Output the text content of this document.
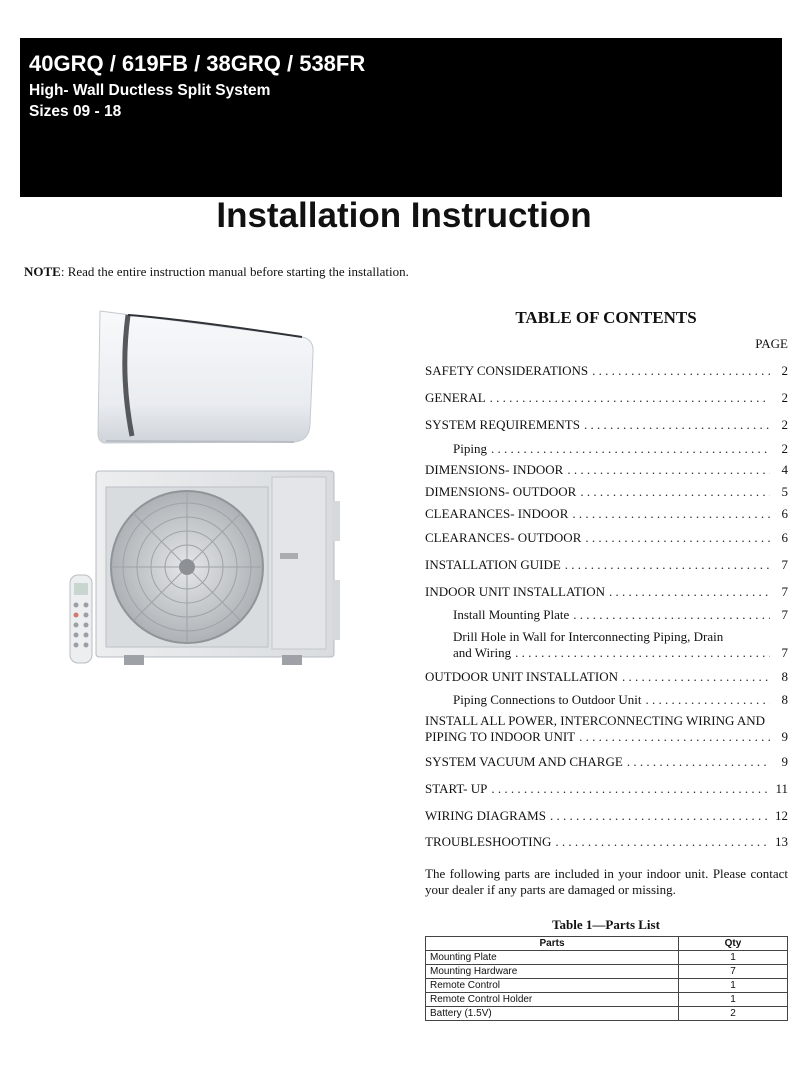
40GRQ / 619FB / 38GRQ / 538FR
High- Wall Ductless Split System
Sizes 09 - 18
Installation Instruction
NOTE: Read the entire instruction manual before starting the installation.
TABLE OF CONTENTS
PAGE
SAFETY CONSIDERATIONS . . .	2
GENERAL . . .	2
SYSTEM REQUIREMENTS . . .	2
Piping . . .	2
DIMENSIONS- INDOOR . . .	4
DIMENSIONS- OUTDOOR . . .	5
CLEARANCES- INDOOR . . .	6
CLEARANCES- OUTDOOR . . .	6
INSTALLATION GUIDE . . .	7
INDOOR UNIT INSTALLATION . . .	7
Install Mounting Plate . . .	7
Drill Hole in Wall for Interconnecting Piping, Drain
and Wiring . . .	7
OUTDOOR UNIT INSTALLATION . . .	8
Piping Connections to Outdoor Unit . . .	8
INSTALL ALL POWER, INTERCONNECTING WIRING AND
PIPING TO INDOOR UNIT . . .	9
SYSTEM VACUUM AND CHARGE . . .	9
START- UP . . .	11
WIRING DIAGRAMS . . .	12
TROUBLESHOOTING . . .	13
The following parts are included in your indoor unit. Please contact your dealer if any parts are damaged or missing.
Table 1—Parts List
Parts	Qty
Mounting Plate	1
Mounting Hardware	7
Remote Control	1
Remote Control Holder	1
Battery (1.5V)	2
